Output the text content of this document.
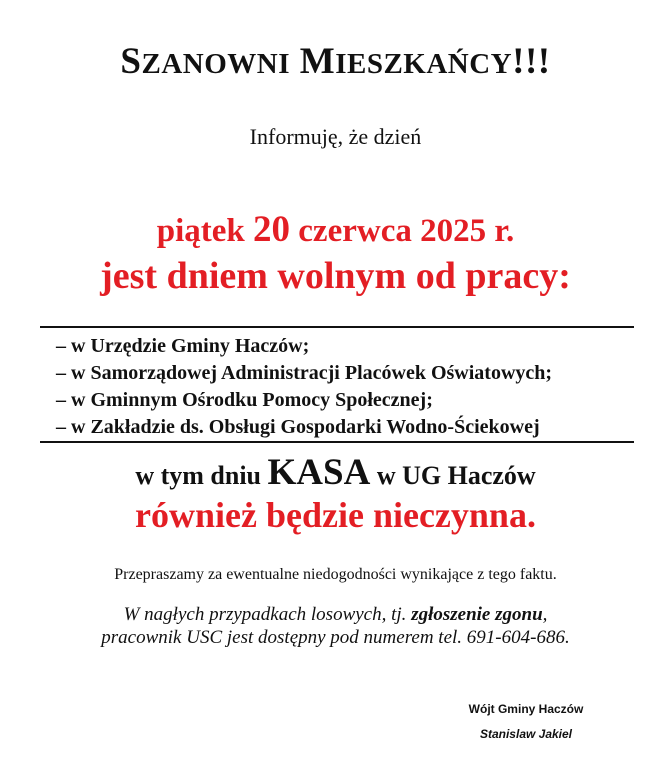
SZANOWNI MIESZKAŃCY!!!
Informuję, że dzień
piątek 20 czerwca 2025 r.
jest dniem wolnym od pracy:
– w Urzędzie Gminy Haczów;
– w Samorządowej Administracji Placówek Oświatowych;
– w Gminnym Ośrodku Pomocy Społecznej;
– w Zakładzie ds. Obsługi Gospodarki Wodno-Ściekowej
w tym dniu KASA w UG Haczów
również będzie nieczynna.
Przepraszamy za ewentualne niedogodności wynikające z tego faktu.
W nagłych przypadkach losowych, tj. zgłoszenie zgonu,
pracownik USC jest dostępny pod numerem tel. 691-604-686.
Wójt Gminy Haczów
Stanislaw Jakiel
